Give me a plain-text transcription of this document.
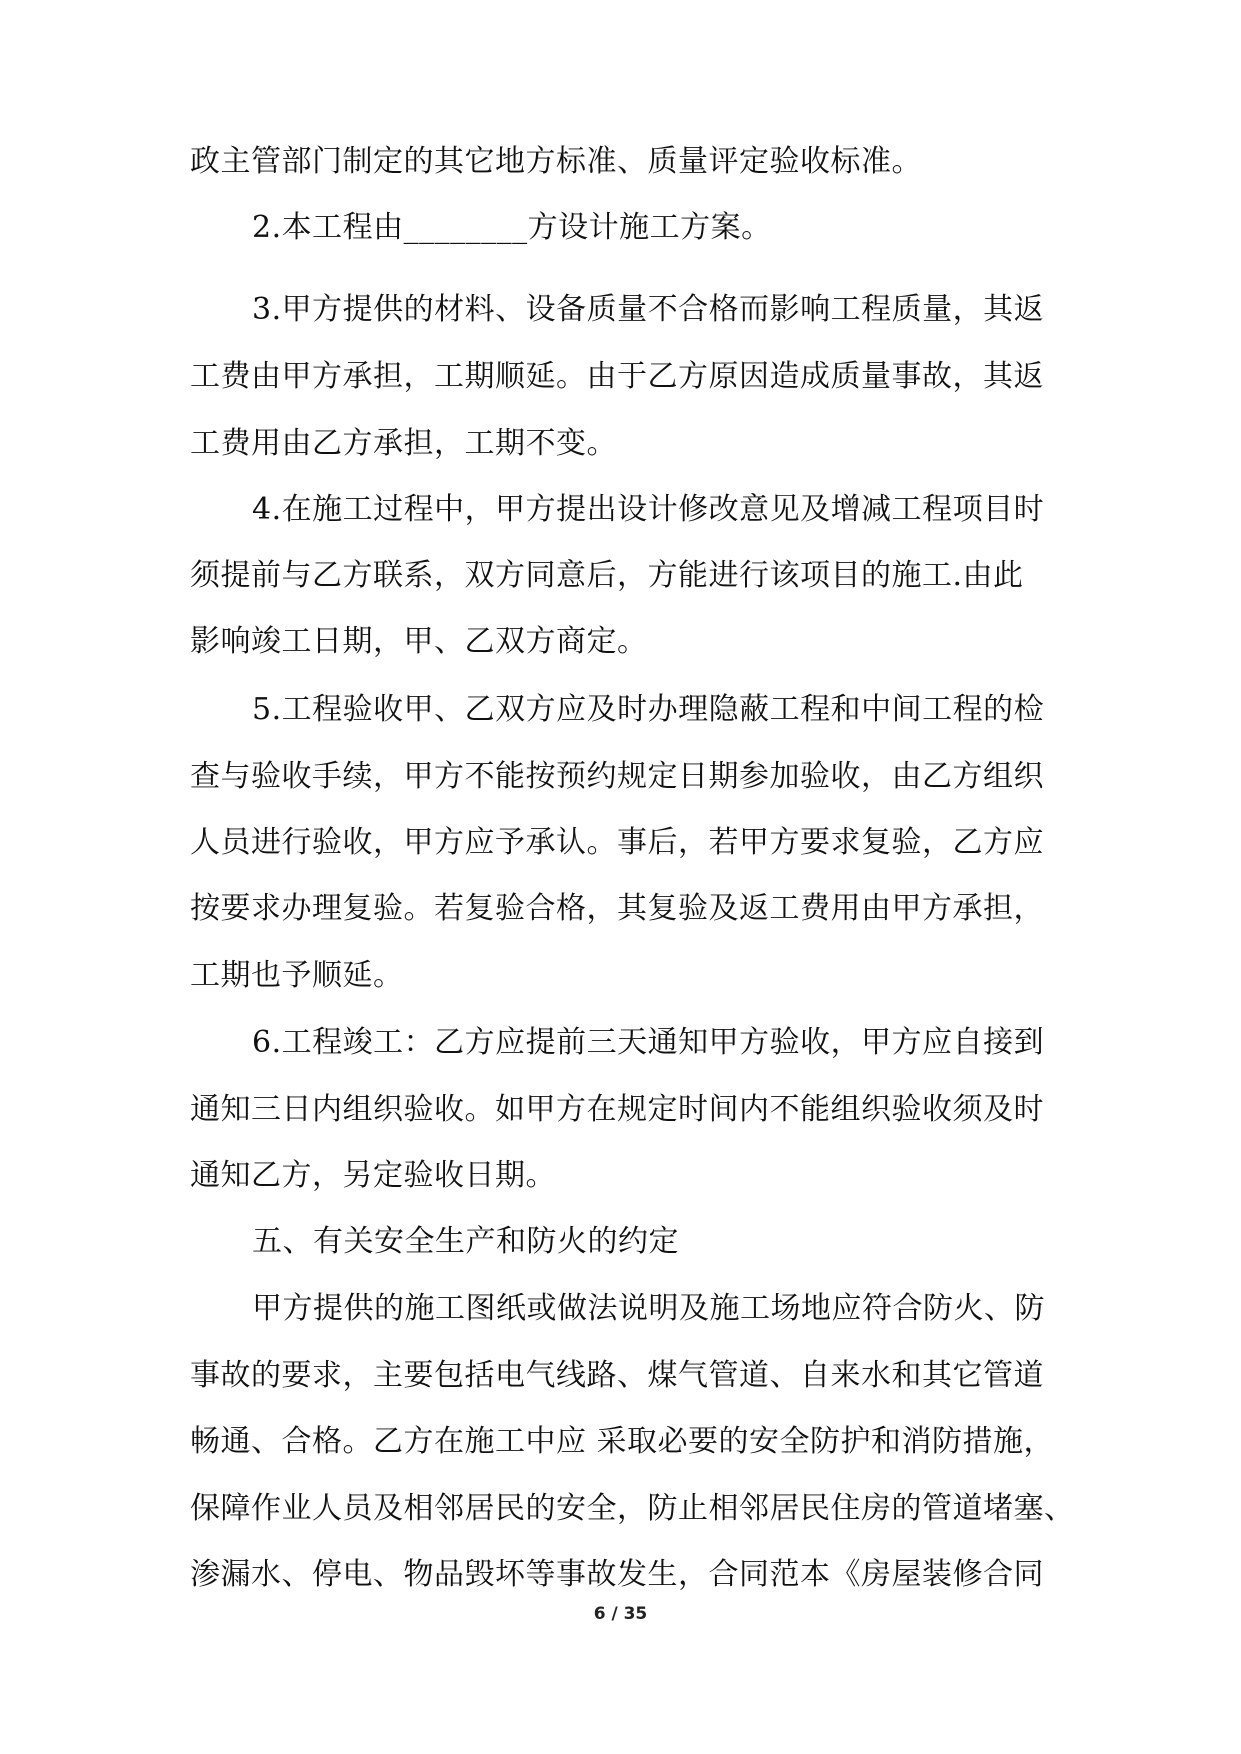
政主管部门制定的其它地方标准、质量评定验收标准。
2.本工程由________方设计施工方案。
3.甲方提供的材料、设备质量不合格而影响工程质量，其返
工费由甲方承担，工期顺延。由于乙方原因造成质量事故，其返
工费用由乙方承担，工期不变。
4.在施工过程中，甲方提出设计修改意见及增减工程项目时
须提前与乙方联系，双方同意后，方能进行该项目的施工.由此
影响竣工日期，甲、乙双方商定。
5.工程验收甲、乙双方应及时办理隐蔽工程和中间工程的检
查与验收手续，甲方不能按预约规定日期参加验收，由乙方组织
人员进行验收，甲方应予承认。事后，若甲方要求复验，乙方应
按要求办理复验。若复验合格，其复验及返工费用由甲方承担，
工期也予顺延。
6.工程竣工：乙方应提前三天通知甲方验收，甲方应自接到
通知三日内组织验收。如甲方在规定时间内不能组织验收须及时
通知乙方，另定验收日期。
五、有关安全生产和防火的约定
甲方提供的施工图纸或做法说明及施工场地应符合防火、防
事故的要求，主要包括电气线路、煤气管道、自来水和其它管道
畅通、合格。乙方在施工中应 采取必要的安全防护和消防措施，
保障作业人员及相邻居民的安全，防止相邻居民住房的管道堵塞、
渗漏水、停电、物品毁坏等事故发生，合同范本《房屋装修合同
6 / 35
